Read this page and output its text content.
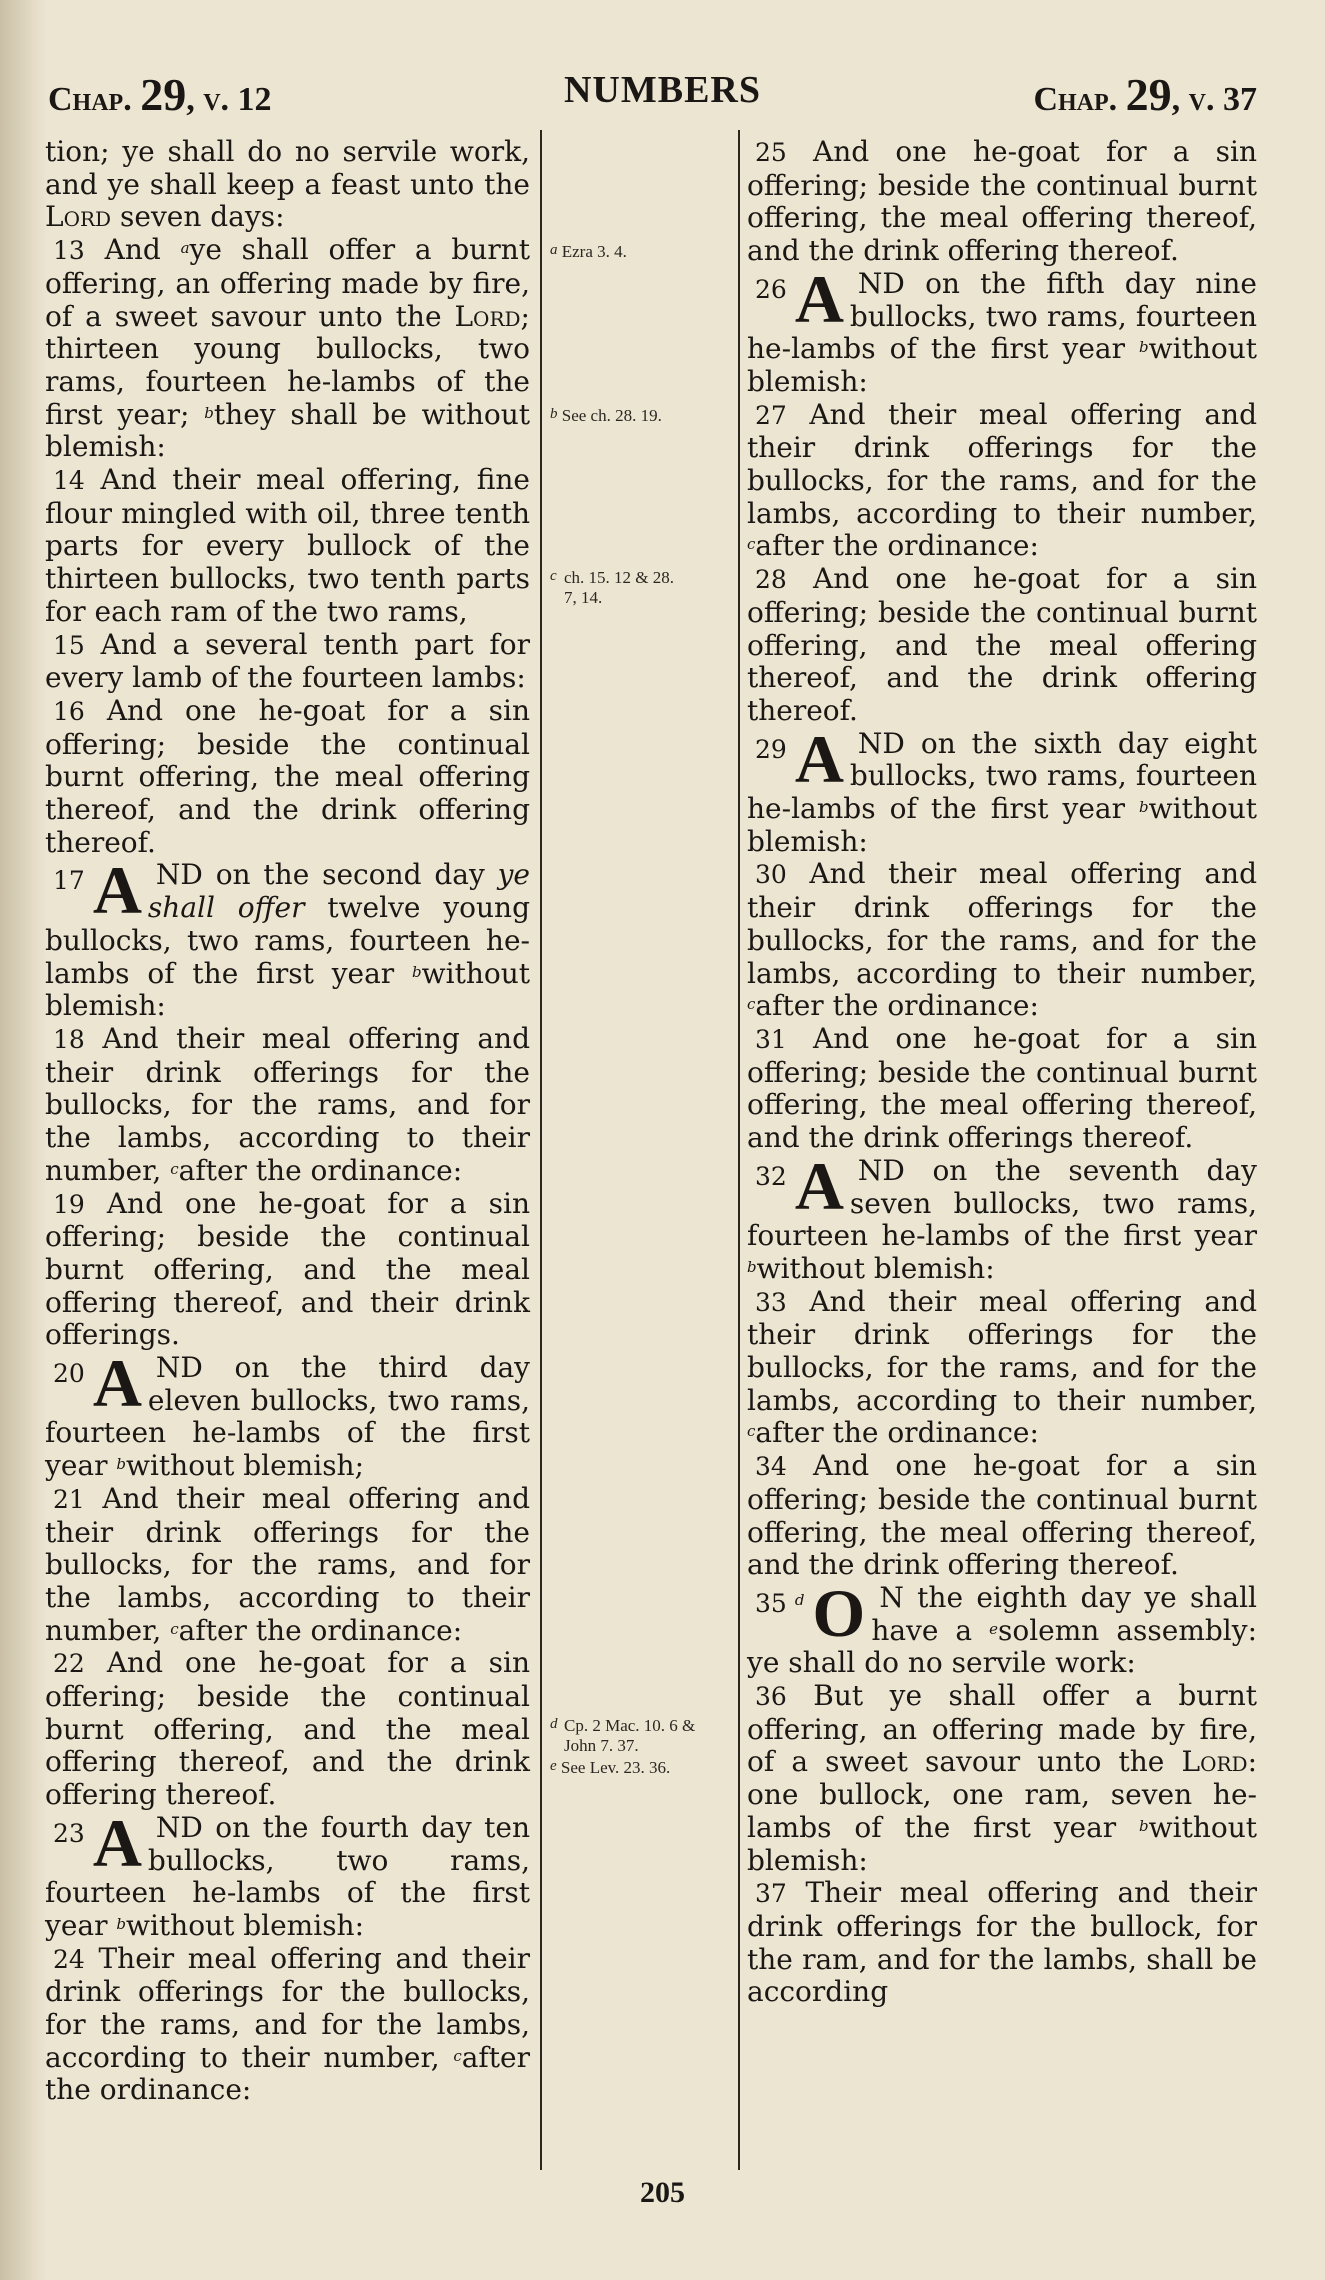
Chap. 29, v. 12	NUMBERS	Chap. 29, v. 37

tion; ye shall do no servile work, and ye shall keep a feast unto the Lord seven days:

13 And $^a$ye shall offer a burnt offering, an offering made by fire, of a sweet savour unto the Lord; thirteen young bullocks, two rams, fourteen he-lambs of the first year; $^b$they shall be without blemish:

14 And their meal offering, fine flour mingled with oil, three tenth parts for every bullock of the thirteen bullocks, two tenth parts for each ram of the two rams,

15 And a several tenth part for every lamb of the fourteen lambs:

16 And one he-goat for a sin offering; beside the continual burnt offering, the meal offering thereof, and the drink offering thereof.

17 A ND on the second day ye shall offer twelve young bullocks, two rams, fourteen he-lambs of the first year $^b$without blemish:

18 And their meal offering and their drink offerings for the bullocks, for the rams, and for the lambs, according to their number, $^c$after the ordinance:

19 And one he-goat for a sin offering; beside the continual burnt offering, and the meal offering thereof, and their drink offerings.

20 A ND on the third day eleven bullocks, two rams, fourteen he-lambs of the first year $^b$without blemish;

21 And their meal offering and their drink offerings for the bullocks, for the rams, and for the lambs, according to their number, $^c$after the ordinance:

22 And one he-goat for a sin offering; beside the continual burnt offering, and the meal offering thereof, and the drink offering thereof.

23 A ND on the fourth day ten bullocks, two rams, fourteen he-lambs of the first year $^b$without blemish:

24 Their meal offering and their drink offerings for the bullocks, for the rams, and for the lambs, according to their number, $^c$after the ordinance:

$^a$ Ezra 3. 4.
$^b$ See ch. 28. 19.
c ch. 15. 12 & 28. 7, 14.
d Cp. 2 Mac. 10. 6 & John 7. 37.
$^e$ See Lev. 23. 36.

25 And one he-goat for a sin offering; beside the continual burnt offering, the meal offering thereof, and the drink offering thereof.

26 A ND on the fifth day nine bullocks, two rams, fourteen he-lambs of the first year $^b$without blemish:

27 And their meal offering and their drink offerings for the bullocks, for the rams, and for the lambs, according to their number, $^c$after the ordinance:

28 And one he-goat for a sin offering; beside the continual burnt offering, and the meal offering thereof, and the drink offering thereof.

29 A ND on the sixth day eight bullocks, two rams, fourteen he-lambs of the first year $^b$without blemish:

30 And their meal offering and their drink offerings for the bullocks, for the rams, and for the lambs, according to their number, $^c$after the ordinance:

31 And one he-goat for a sin offering; beside the continual burnt offering, the meal offering thereof, and the drink offerings thereof.

32 A ND on the seventh day seven bullocks, two rams, fourteen he-lambs of the first year $^b$without blemish:

33 And their meal offering and their drink offerings for the bullocks, for the rams, and for the lambs, according to their number, $^c$after the ordinance:

34 And one he-goat for a sin offering; beside the continual burnt offering, the meal offering thereof, and the drink offering thereof.

35 $^d$ O N the eighth day ye shall have a $^e$solemn assembly: ye shall do no servile work:

36 But ye shall offer a burnt offering, an offering made by fire, of a sweet savour unto the Lord: one bullock, one ram, seven he-lambs of the first year $^b$without blemish:

37 Their meal offering and their drink offerings for the bullock, for the ram, and for the lambs, shall be according

205
